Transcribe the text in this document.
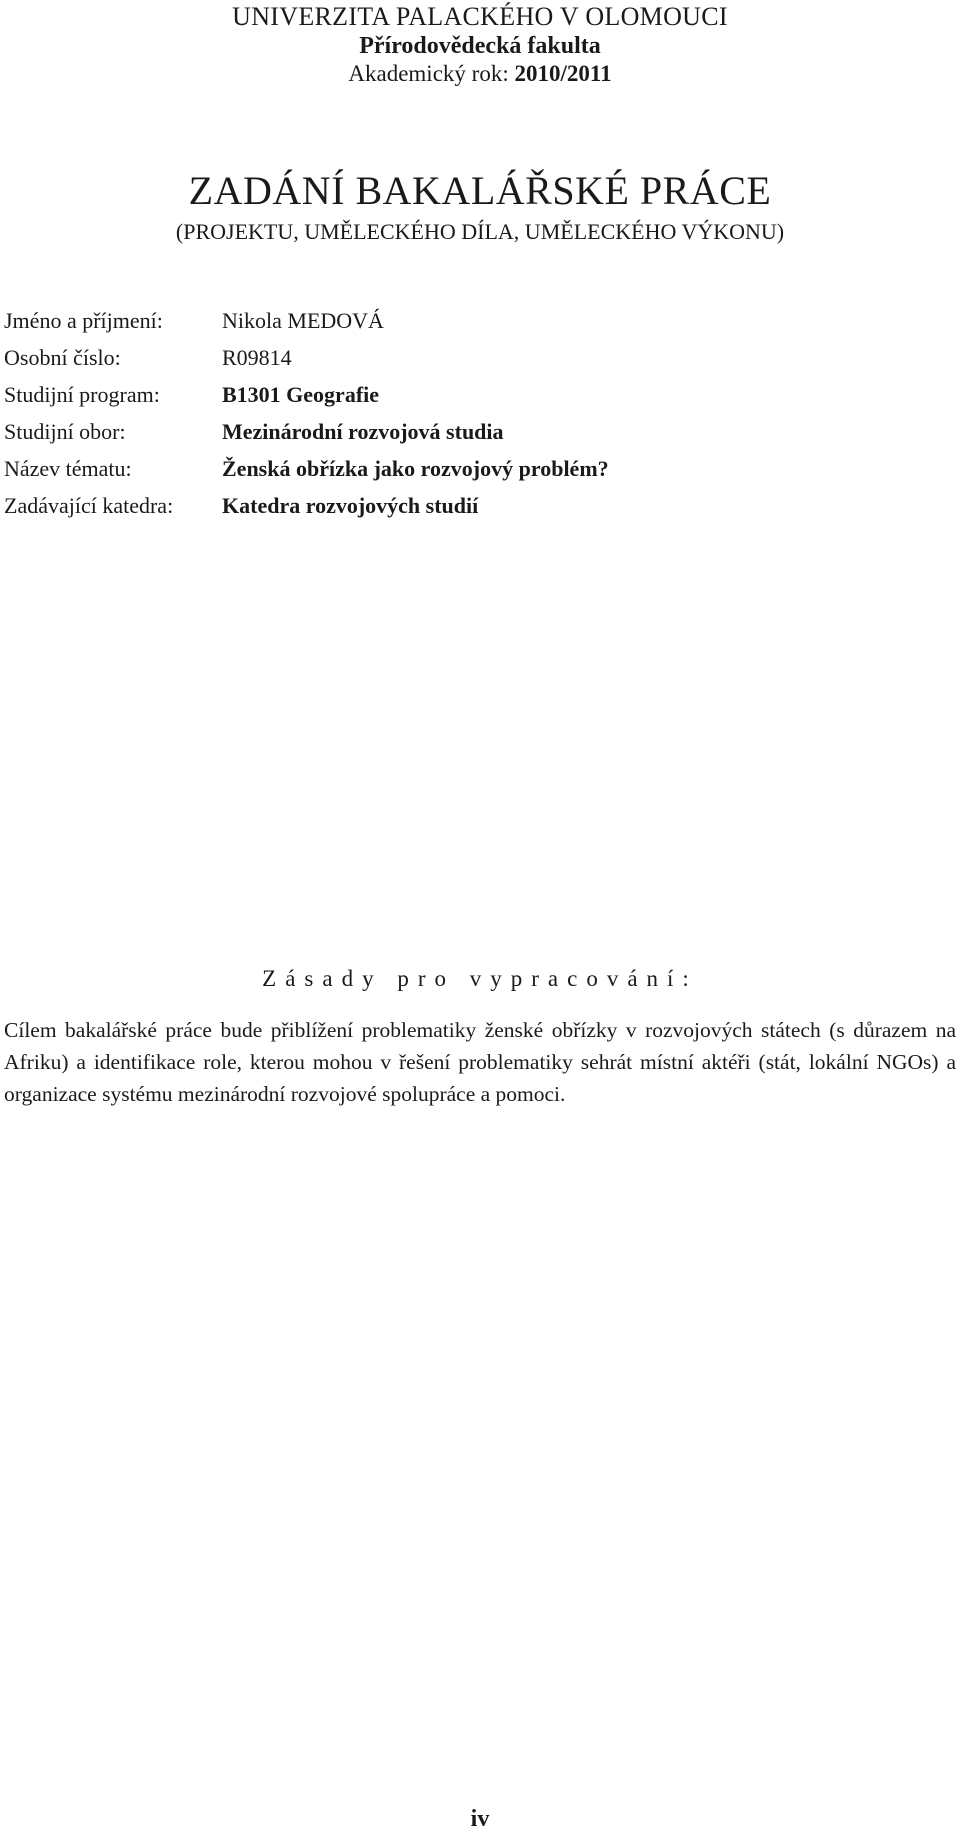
UNIVERZITA PALACKÉHO V OLOMOUCI
Přírodovědecká fakulta
Akademický rok: 2010/2011
ZADÁNÍ BAKALÁŘSKÉ PRÁCE
(PROJEKTU, UMĚLECKÉHO DÍLA, UMĚLECKÉHO VÝKONU)
Jméno a příjmení:	Nikola MEDOVÁ
Osobní číslo:	R09814
Studijní program:	B1301 Geografie
Studijní obor:	Mezinárodní rozvojová studia
Název tématu:	Ženská obřízka jako rozvojový problém?
Zadávající katedra: Katedra rozvojových studií
Zásady pro vypracování:
Cílem bakalářské práce bude přiblížení problematiky ženské obřízky v rozvojových státech (s důrazem na Afriku) a identifikace role, kterou mohou v řešení problematiky sehrát místní aktéři (stát, lokální NGOs) a organizace systému mezinárodní rozvojové spolupráce a pomoci.
iv
